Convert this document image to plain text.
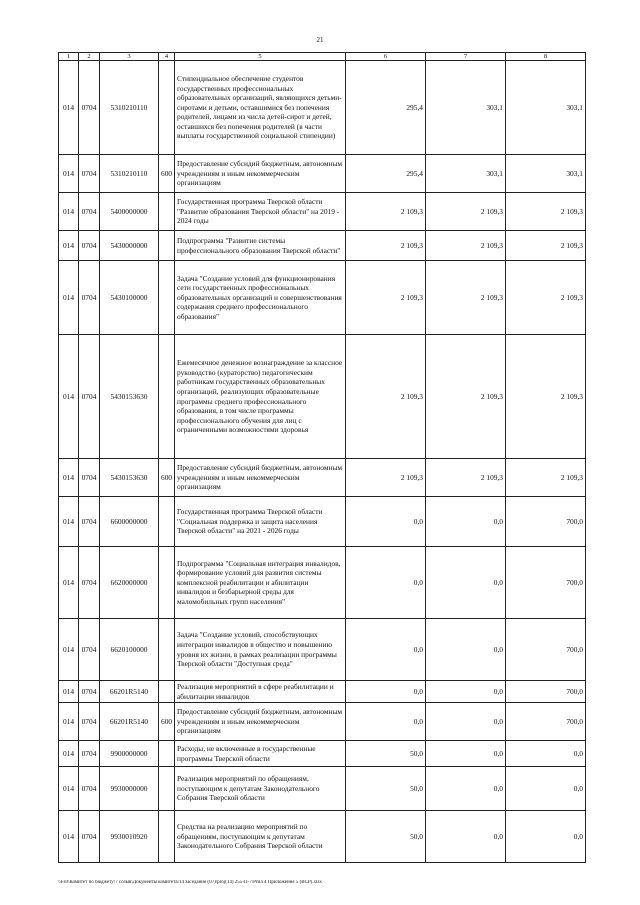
21
1	2	3	4	5	6	7	8
014	0704	5310210110		Стипендиальное обеспечение студентов государственных профессиональных образовательных организаций, являющихся детьми-сиротами и детьми, оставшимися без попечения родителей, лицами из числа детей-сирот и детей, оставшихся без попечения родителей (в части выплаты государственной социальной стипендии)	295,4	303,1	303,1
014	0704	5310210110	600	Предоставление субсидий бюджетным, автономным учреждениям и иным некоммерческим организациям	295,4	303,1	303,1
014	0704	5400000000		Государственная программа Тверской области "Развитие образования Тверской области" на 2019 - 2024 годы	2 109,3	2 109,3	2 109,3
014	0704	5430000000		Подпрограмма "Развитие системы профессионального образования Тверской области"	2 109,3	2 109,3	2 109,3
014	0704	5430100000		Задача "Создание условий для функционирования сети государственных профессиональных образовательных организаций и совершенствования содержания среднего профессионального образования"	2 109,3	2 109,3	2 109,3
014	0704	5430153630		Ежемесячное денежное вознаграждение за классное руководство (кураторство) педагогическим работникам государственных образовательных организаций, реализующих образовательные программы среднего профессионального образования, в том числе программы профессионального обучения для лиц с ограниченными возможностями здоровья	2 109,3	2 109,3	2 109,3
014	0704	5430153630	600	Предоставление субсидий бюджетным, автономным учреждениям и иным некоммерческим организациям	2 109,3	2 109,3	2 109,3
014	0704	6600000000		Государственная программа Тверской области "Социальная поддержка и защита населения Тверской области" на 2021 - 2026 годы	0,0	0,0	700,0
014	0704	6620000000		Подпрограмма "Социальная интеграция инвалидов, формирование условий для развития системы комплексной реабилитации и абилитации инвалидов и безбарьерной среды для маломобильных групп населения"	0,0	0,0	700,0
014	0704	6620100000		Задача "Создание условий, способствующих интеграции инвалидов в общество и повышению уровня их жизни, в рамках реализации программы Тверской области "Доступная среда"	0,0	0,0	700,0
014	0704	66201R5140		Реализация мероприятий в сфере реабилитации и абилитации инвалидов	0,0	0,0	700,0
014	0704	66201R5140	600	Предоставление субсидий бюджетным, автономным учреждениям и иным некоммерческим организациям	0,0	0,0	700,0
014	0704	9900000000		Расходы, не включенные в государственные программы Тверской области	50,0	0,0	0,0
014	0704	9930000000		Реализация мероприятий по обращениям, поступающим к депутатам Законодательного Собрания Тверской области	50,0	0,0	0,0
014	0704	9930010920		Средства на реализацию мероприятий по обращениям, поступающим к депутатам Законодательного Собрания Тверской области	50,0	0,0	0,0
\\Fs0\Комитет по бюджету\7 созыв\Документы комитета\14 заседание (07)\proj(14) 255-П-7\Prил 4 Приложение 5 (ВСР).xlsx
